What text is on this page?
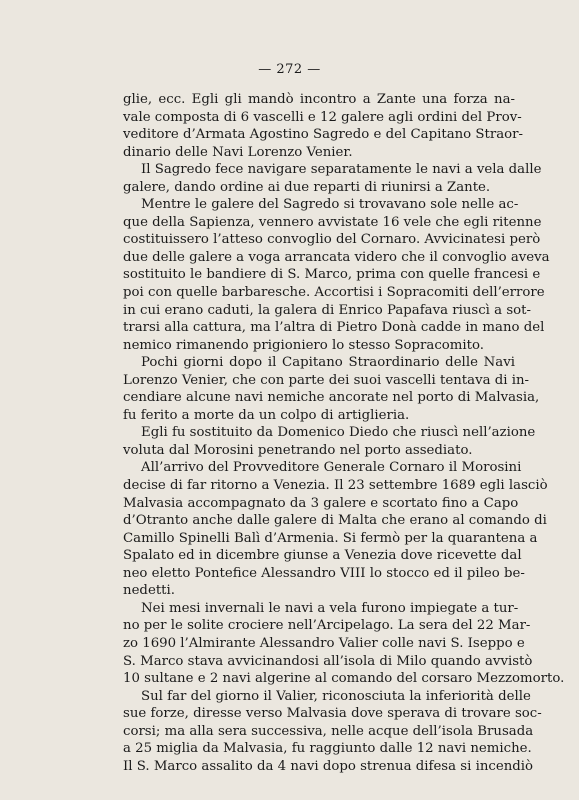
— 272 —
glie, ecc. Egli gli mandò incontro a Zante una forza na-
vale composta di 6 vascelli e 12 galere agli ordini del Prov-
veditore d’Armata Agostino Sagredo e del Capitano Straor-
dinario delle Navi Lorenzo Venier.
Il Sagredo fece navigare separatamente le navi a vela dalle
galere, dando ordine ai due reparti di riunirsi a Zante.
Mentre le galere del Sagredo si trovavano sole nelle ac-
que della Sapienza, vennero avvistate 16 vele che egli ritenne
costituissero l’atteso convoglio del Cornaro. Avvicinatesi però
due delle galere a voga arrancata videro che il convoglio aveva
sostituito le bandiere di S. Marco, prima con quelle francesi e
poi con quelle barbaresche. Accortisi i Sopracomiti dell’errore
in cui erano caduti, la galera di Enrico Papafava riuscì a sot-
trarsi alla cattura, ma l’altra di Pietro Donà cadde in mano del
nemico rimanendo prigioniero lo stesso Sopracomito.
Pochi giorni dopo il Capitano Straordinario delle Navi
Lorenzo Venier, che con parte dei suoi vascelli tentava di in-
cendiare alcune navi nemiche ancorate nel porto di Malvasia,
fu ferito a morte da un colpo di artiglieria.
Egli fu sostituito da Domenico Diedo che riuscì nell’azione
voluta dal Morosini penetrando nel porto assediato.
All’arrivo del Provveditore Generale Cornaro il Morosini
decise di far ritorno a Venezia. Il 23 settembre 1689 egli lasciò
Malvasia accompagnato da 3 galere e scortato fino a Capo
d’Otranto anche dalle galere di Malta che erano al comando di
Camillo Spinelli Balì d’Armenia. Si fermò per la quarantena a
Spalato ed in dicembre giunse a Venezia dove ricevette dal
neo eletto Pontefice Alessandro VIII lo stocco ed il pileo be-
nedetti.
Nei mesi invernali le navi a vela furono impiegate a tur-
no per le solite crociere nell’Arcipelago. La sera del 22 Mar-
zo 1690 l’Almirante Alessandro Valier colle navi S. Iseppo e
S. Marco stava avvicinandosi all’isola di Milo quando avvistò
10 sultane e 2 navi algerine al comando del corsaro Mezzomorto.
Sul far del giorno il Valier, riconosciuta la inferiorità delle
sue forze, diresse verso Malvasia dove sperava di trovare soc-
corsi; ma alla sera successiva, nelle acque dell’isola Brusada
a 25 miglia da Malvasia, fu raggiunto dalle 12 navi nemiche.
Il S. Marco assalito da 4 navi dopo strenua difesa si incendiò
